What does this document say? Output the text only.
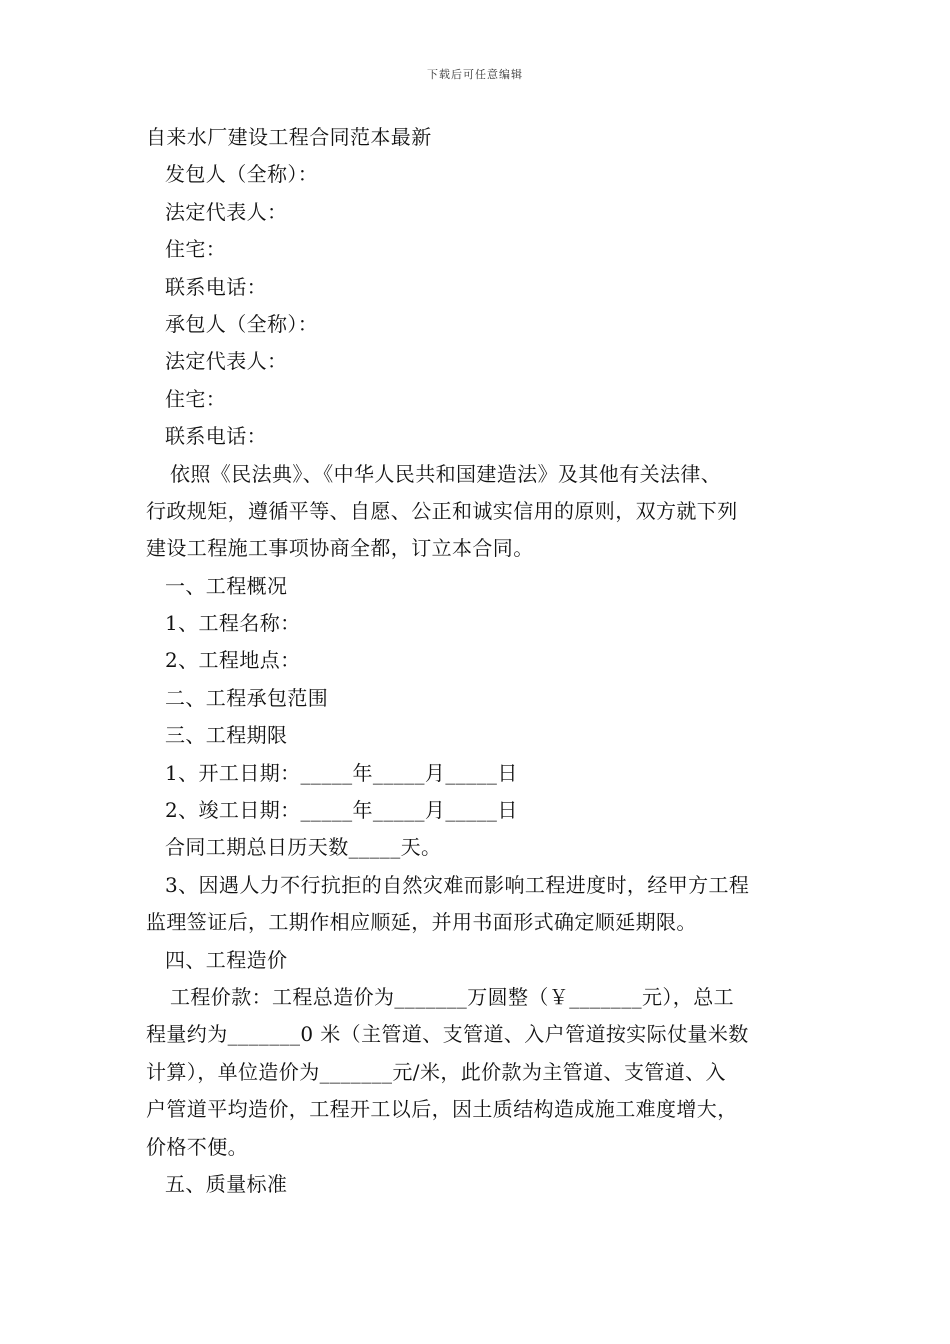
下载后可任意编辑
自来水厂建设工程合同范本最新
发包人（全称）：
法定代表人：
住宅：
联系电话：
承包人（全称）：
法定代表人：
住宅：
联系电话：
依照《民法典》、《中华人民共和国建造法》及其他有关法律、
行政规矩，遵循平等、自愿、公正和诚实信用的原则，双方就下列
建设工程施工事项协商全都，订立本合同。
一、工程概况
1、工程名称：
2、工程地点：
二、工程承包范围
三、工程期限
1、开工日期：_____年_____月_____日
2、竣工日期：_____年_____月_____日
合同工期总日历天数_____天。
3、因遇人力不行抗拒的自然灾难而影响工程进度时，经甲方工程
监理签证后，工期作相应顺延，并用书面形式确定顺延期限。
四、工程造价
工程价款：工程总造价为_______万圆整（￥_______元），总工
程量约为_______0 米（主管道、支管道、入户管道按实际仗量米数
计算），单位造价为_______元/米，此价款为主管道、支管道、入
户管道平均造价，工程开工以后，因土质结构造成施工难度增大，
价格不便。
五、质量标准
